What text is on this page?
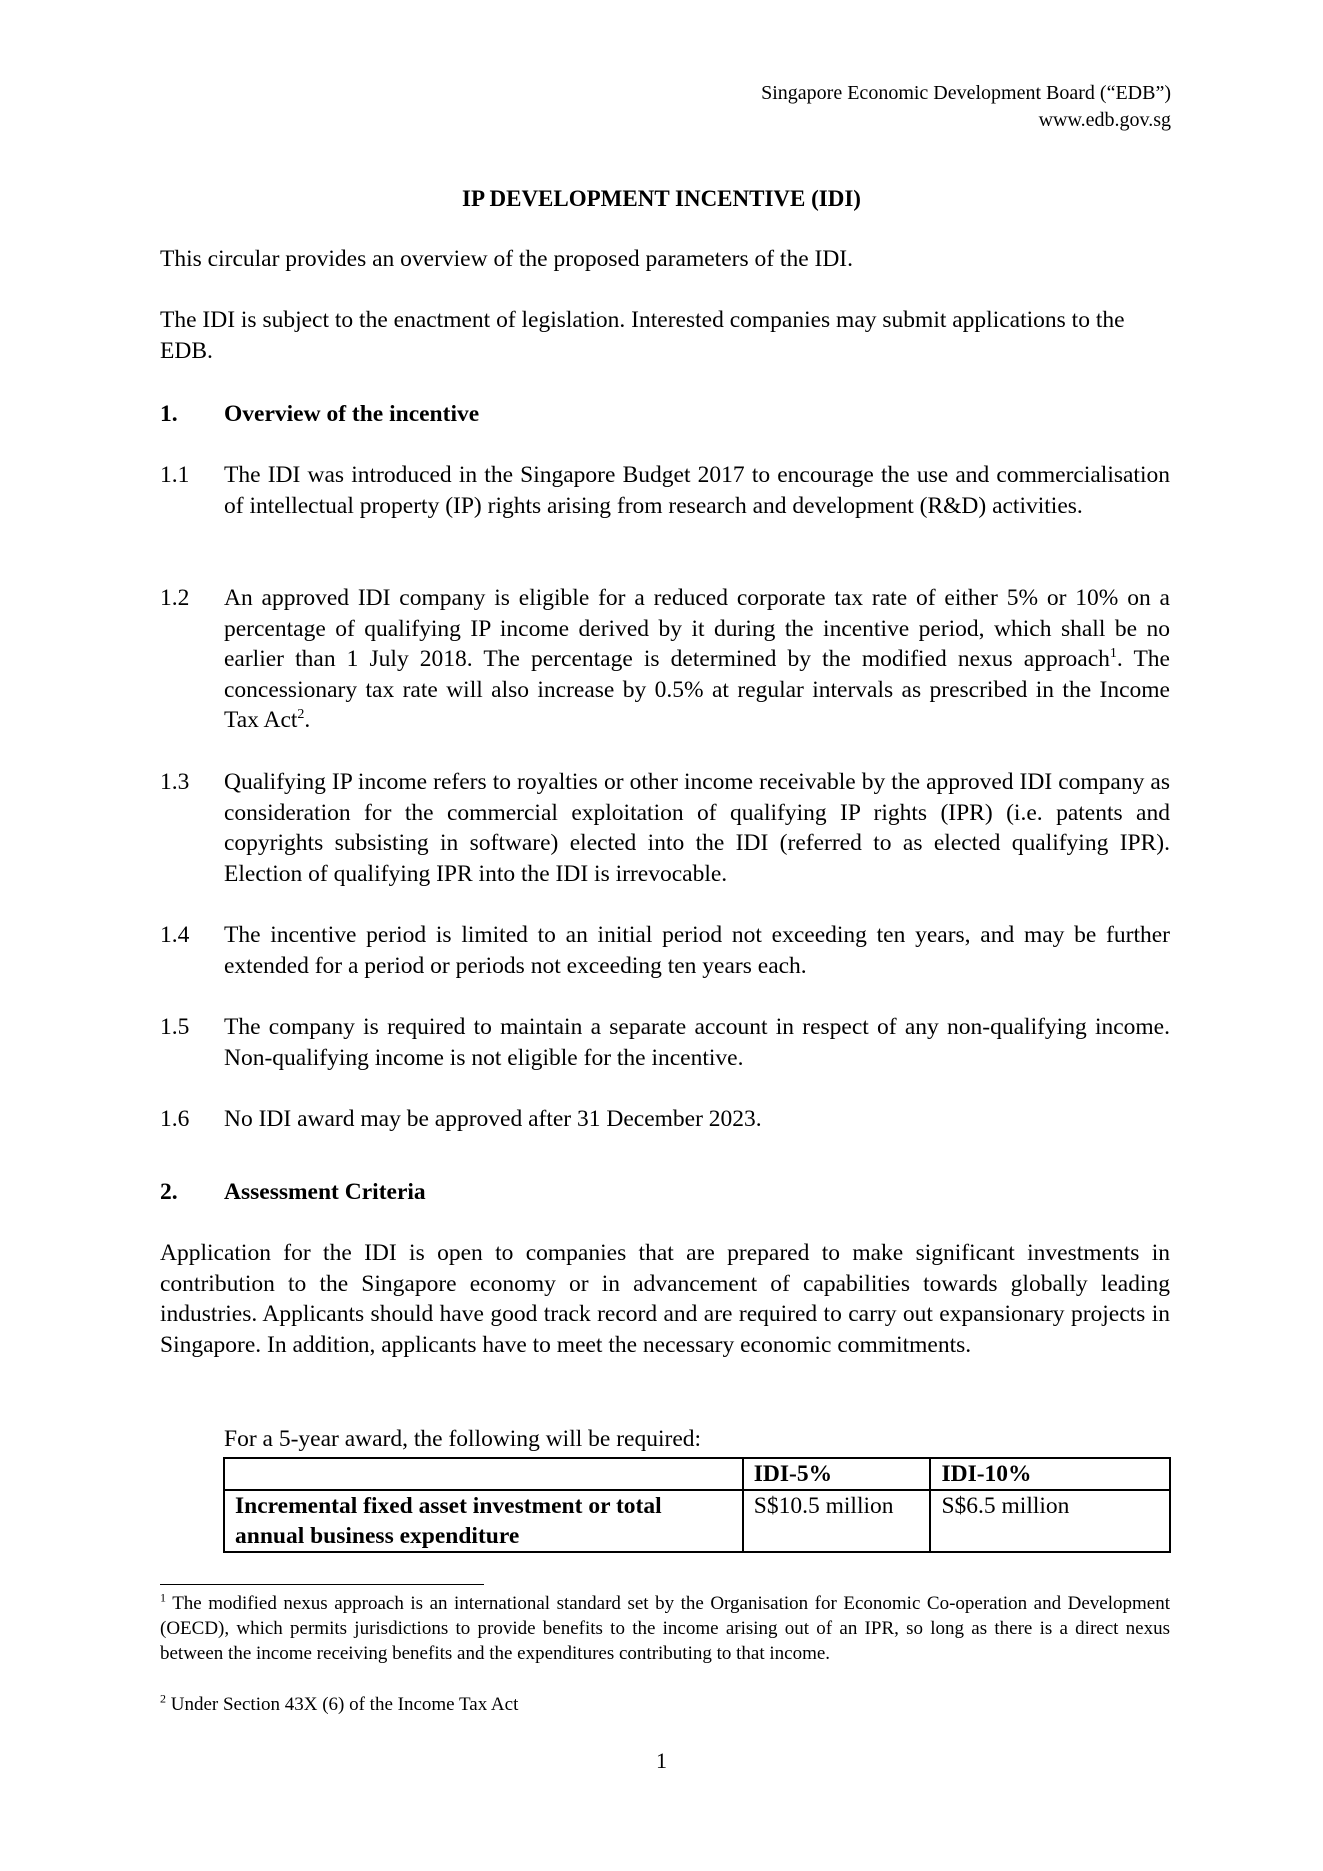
Singapore Economic Development Board (“EDB”)
www.edb.gov.sg
IP DEVELOPMENT INCENTIVE (IDI)

This circular provides an overview of the proposed parameters of the IDI.

The IDI is subject to the enactment of legislation. Interested companies may submit applications to the EDB.

1. Overview of the incentive
1.1	The IDI was introduced in the Singapore Budget 2017 to encourage the use and commercialisation of intellectual property (IP) rights arising from research and development (R&D) activities.
1.2	An approved IDI company is eligible for a reduced corporate tax rate of either 5% or 10% on a percentage of qualifying IP income derived by it during the incentive period, which shall be no earlier than 1 July 2018. The percentage is determined by the modified nexus approach$^1$. The concessionary tax rate will also increase by 0.5% at regular intervals as prescribed in the Income Tax Act$^2$.
1.3	Qualifying IP income refers to royalties or other income receivable by the approved IDI company as consideration for the commercial exploitation of qualifying IP rights (IPR) (i.e. patents and copyrights subsisting in software) elected into the IDI (referred to as elected qualifying IPR). Election of qualifying IPR into the IDI is irrevocable.
1.4	The incentive period is limited to an initial period not exceeding ten years, and may be further extended for a period or periods not exceeding ten years each.
1.5	The company is required to maintain a separate account in respect of any non-qualifying income. Non-qualifying income is not eligible for the incentive.
1.6	No IDI award may be approved after 31 December 2023.
2. Assessment Criteria

Application for the IDI is open to companies that are prepared to make significant investments in contribution to the Singapore economy or in advancement of capabilities towards globally leading industries. Applicants should have good track record and are required to carry out expansionary projects in Singapore. In addition, applicants have to meet the necessary economic commitments.

For a 5-year award, the following will be required:
	IDI-5%	IDI-10%
Incremental fixed asset investment or total annual business expenditure	S$10.5 million	S$6.5 million
$^1$ The modified nexus approach is an international standard set by the Organisation for Economic Co-operation and Development (OECD), which permits jurisdictions to provide benefits to the income arising out of an IPR, so long as there is a direct nexus between the income receiving benefits and the expenditures contributing to that income.
$^2$ Under Section 43X (6) of the Income Tax Act
1
